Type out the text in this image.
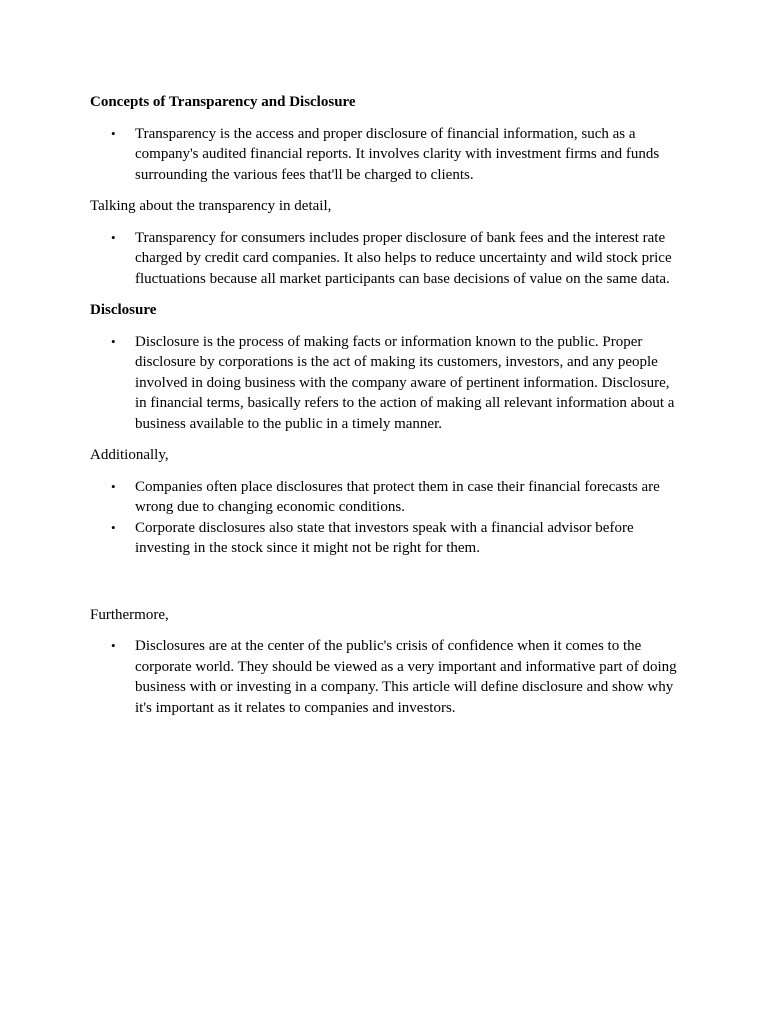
Concepts of Transparency and Disclosure
• Transparency is the access and proper disclosure of financial information, such as a company's audited financial reports. It involves clarity with investment firms and funds surrounding the various fees that'll be charged to clients.
Talking about the transparency in detail,
• Transparency for consumers includes proper disclosure of bank fees and the interest rate charged by credit card companies. It also helps to reduce uncertainty and wild stock price fluctuations because all market participants can base decisions of value on the same data.
Disclosure
• Disclosure is the process of making facts or information known to the public. Proper disclosure by corporations is the act of making its customers, investors, and any people involved in doing business with the company aware of pertinent information. Disclosure, in financial terms, basically refers to the action of making all relevant information about a business available to the public in a timely manner.
Additionally,
• Companies often place disclosures that protect them in case their financial forecasts are wrong due to changing economic conditions.
• Corporate disclosures also state that investors speak with a financial advisor before investing in the stock since it might not be right for them.
Furthermore,
• Disclosures are at the center of the public's crisis of confidence when it comes to the corporate world. They should be viewed as a very important and informative part of doing business with or investing in a company. This article will define disclosure and show why it's important as it relates to companies and investors.
